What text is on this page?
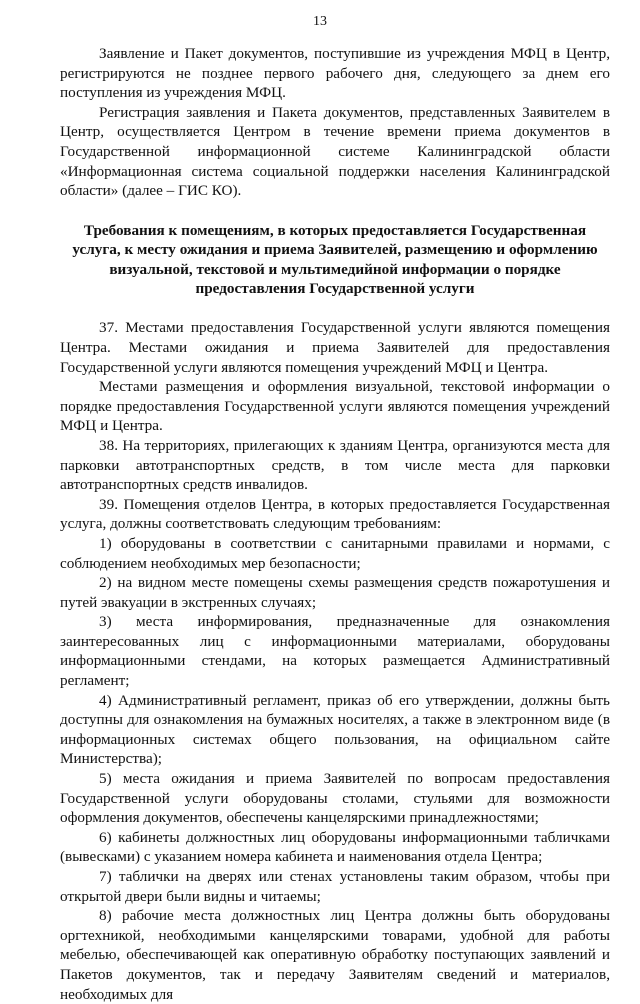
13

Заявление и Пакет документов, поступившие из учреждения МФЦ в Центр, регистрируются не позднее первого рабочего дня, следующего за днем его поступления из учреждения МФЦ.

Регистрация заявления и Пакета документов, представленных Заявителем в Центр, осуществляется Центром в течение времени приема документов в Государственной информационной системе Калининградской области «Информационная система социальной поддержки населения Калининградской области» (далее – ГИС КО).

Требования к помещениям, в которых предоставляется Государственная услуга, к месту ожидания и приема Заявителей, размещению и оформлению визуальной, текстовой и мультимедийной информации о порядке предоставления Государственной услуги

37. Местами предоставления Государственной услуги являются помещения Центра. Местами ожидания и приема Заявителей для предоставления Государственной услуги являются помещения учреждений МФЦ и Центра.

Местами размещения и оформления визуальной, текстовой информации о порядке предоставления Государственной услуги являются помещения учреждений МФЦ и Центра.

38. На территориях, прилегающих к зданиям Центра, организуются места для парковки автотранспортных средств, в том числе места для парковки автотранспортных средств инвалидов.

39. Помещения отделов Центра, в которых предоставляется Государственная услуга, должны соответствовать следующим требованиям:

1) оборудованы в соответствии с санитарными правилами и нормами, с соблюдением необходимых мер безопасности;

2) на видном месте помещены схемы размещения средств пожаротушения и путей эвакуации в экстренных случаях;

3) места информирования, предназначенные для ознакомления заинтересованных лиц с информационными материалами, оборудованы информационными стендами, на которых размещается Административный регламент;

4) Административный регламент, приказ об его утверждении, должны быть доступны для ознакомления на бумажных носителях, а также в электронном виде (в информационных системах общего пользования, на официальном сайте Министерства);

5) места ожидания и приема Заявителей по вопросам предоставления Государственной услуги оборудованы столами, стульями для возможности оформления документов, обеспечены канцелярскими принадлежностями;

6) кабинеты должностных лиц оборудованы информационными табличками (вывесками) с указанием номера кабинета и наименования отдела Центра;

7) таблички на дверях или стенах установлены таким образом, чтобы при открытой двери были видны и читаемы;

8) рабочие места должностных лиц Центра должны быть оборудованы оргтехникой, необходимыми канцелярскими товарами, удобной для работы мебелью, обеспечивающей как оперативную обработку поступающих заявлений и Пакетов документов, так и передачу Заявителям сведений и материалов, необходимых для
